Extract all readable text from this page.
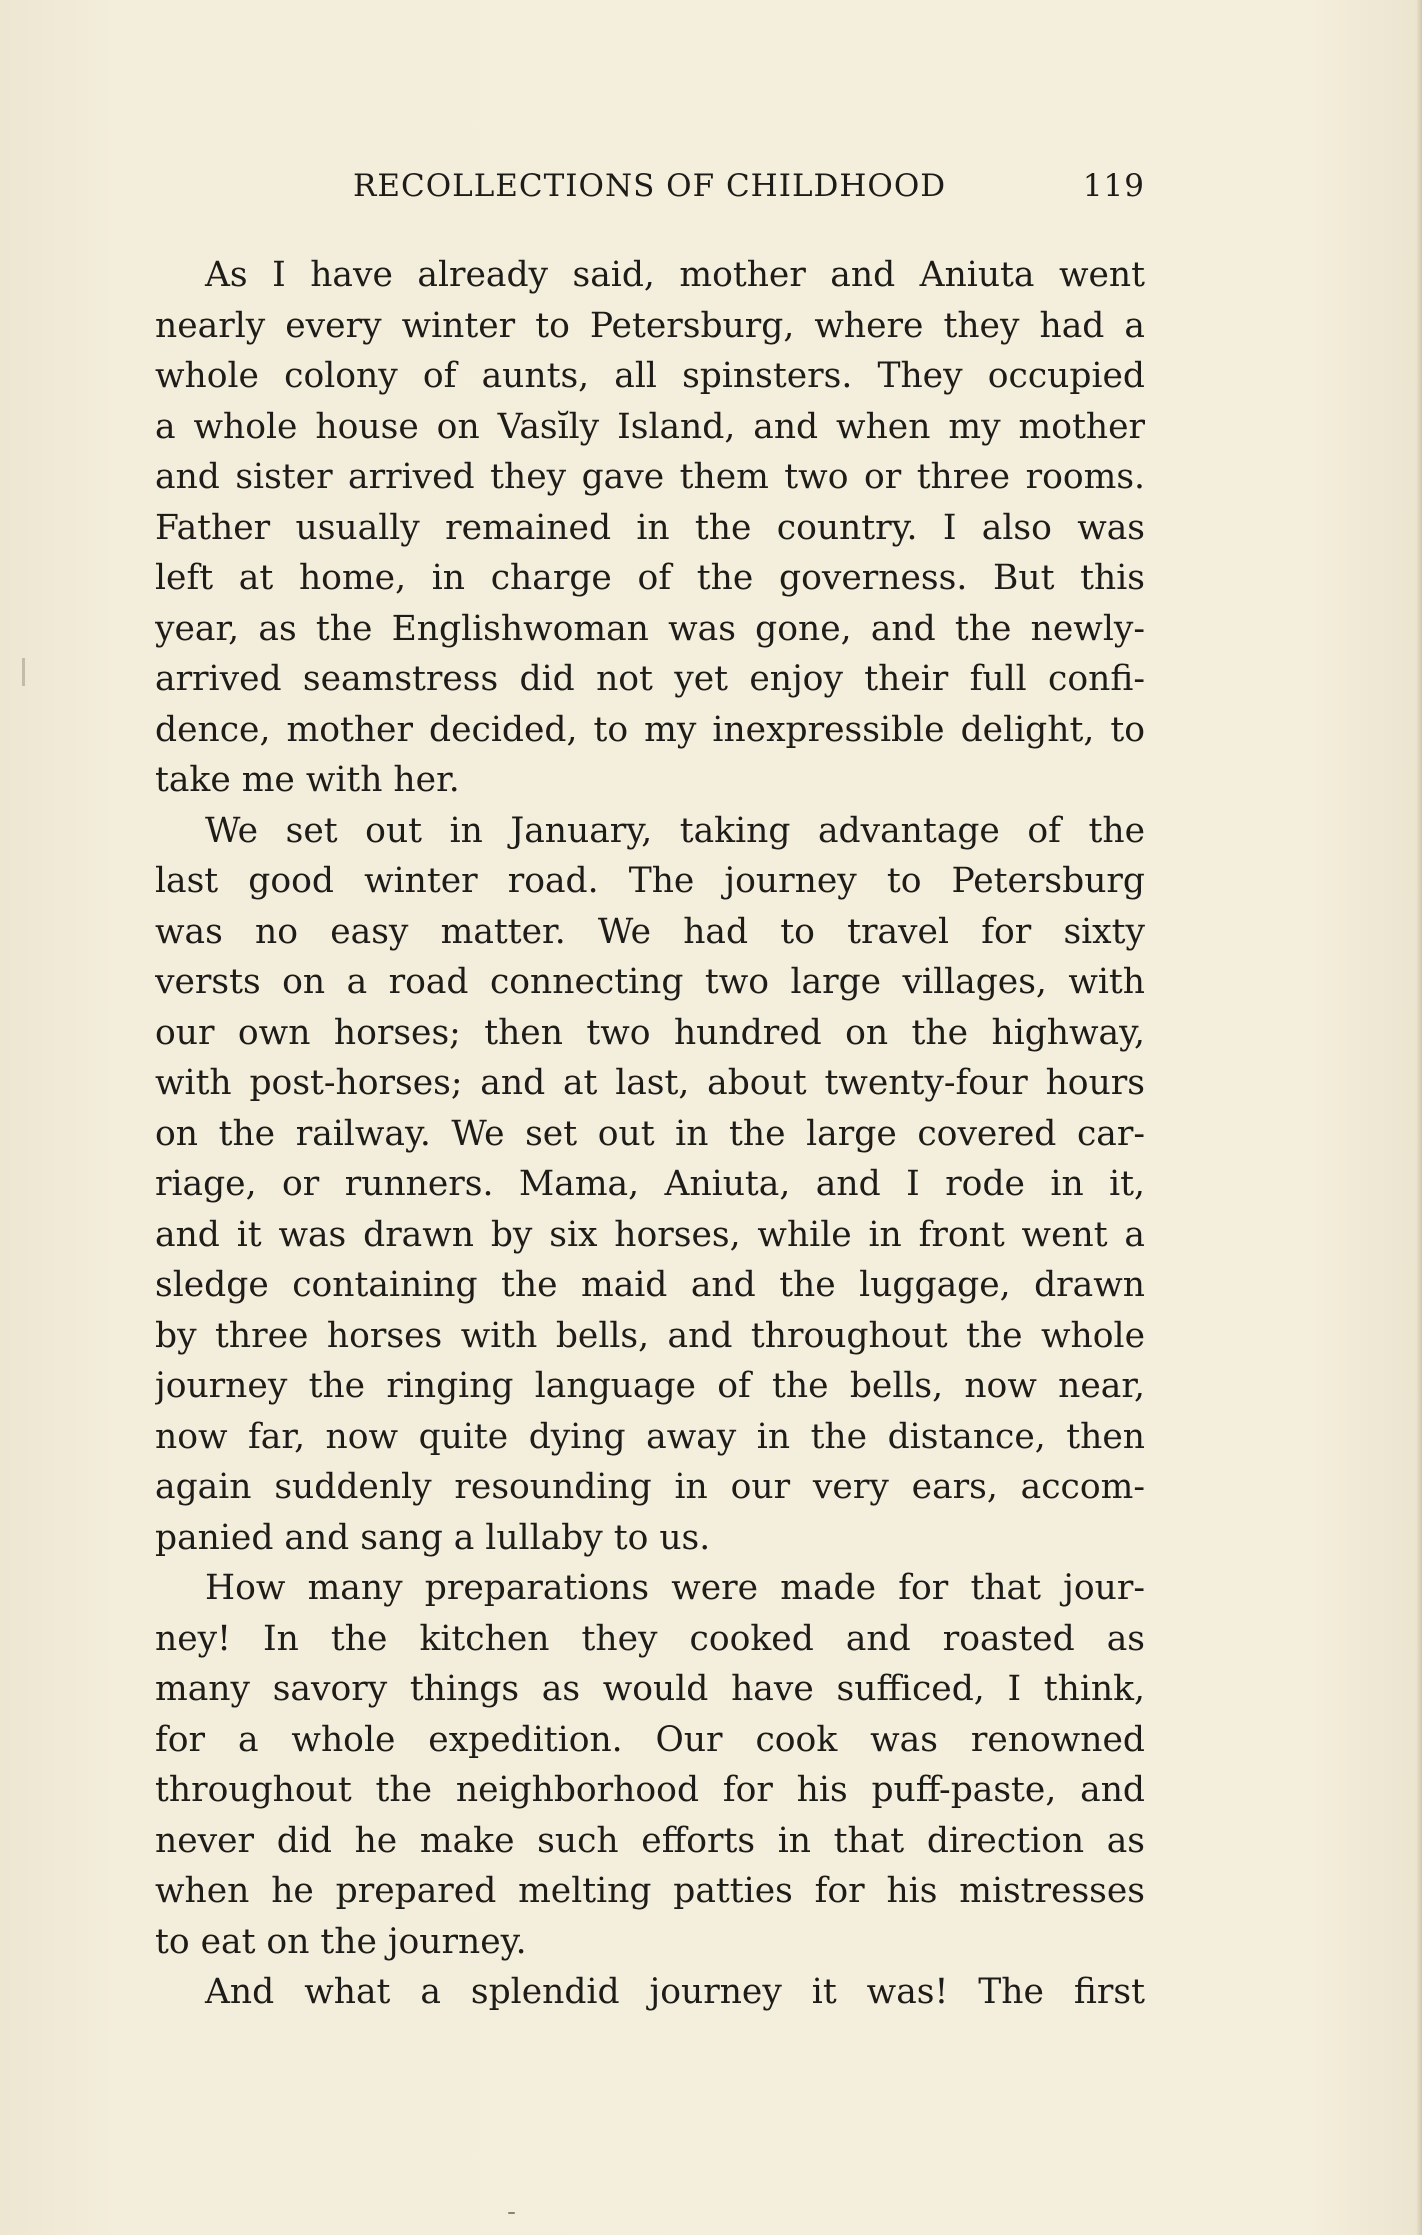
RECOLLECTIONS OF CHILDHOOD	119
As I have already said, mother and Aniuta went
nearly every winter to Petersburg, where they had a
whole colony of aunts, all spinsters. They occupied
a whole house on Vasĭly Island, and when my mother
and sister arrived they gave them two or three rooms.
Father usually remained in the country. I also was
left at home, in charge of the governess. But this
year, as the Englishwoman was gone, and the newly-
arrived seamstress did not yet enjoy their full confi-
dence, mother decided, to my inexpressible delight, to
take me with her.
We set out in January, taking advantage of the
last good winter road. The journey to Petersburg
was no easy matter. We had to travel for sixty
versts on a road connecting two large villages, with
our own horses; then two hundred on the highway,
with post-horses; and at last, about twenty-four hours
on the railway. We set out in the large covered car-
riage, or runners. Mama, Aniuta, and I rode in it,
and it was drawn by six horses, while in front went a
sledge containing the maid and the luggage, drawn
by three horses with bells, and throughout the whole
journey the ringing language of the bells, now near,
now far, now quite dying away in the distance, then
again suddenly resounding in our very ears, accom-
panied and sang a lullaby to us.
How many preparations were made for that jour-
ney! In the kitchen they cooked and roasted as
many savory things as would have sufficed, I think,
for a whole expedition. Our cook was renowned
throughout the neighborhood for his puff-paste, and
never did he make such efforts in that direction as
when he prepared melting patties for his mistresses
to eat on the journey.
And what a splendid journey it was! The first
